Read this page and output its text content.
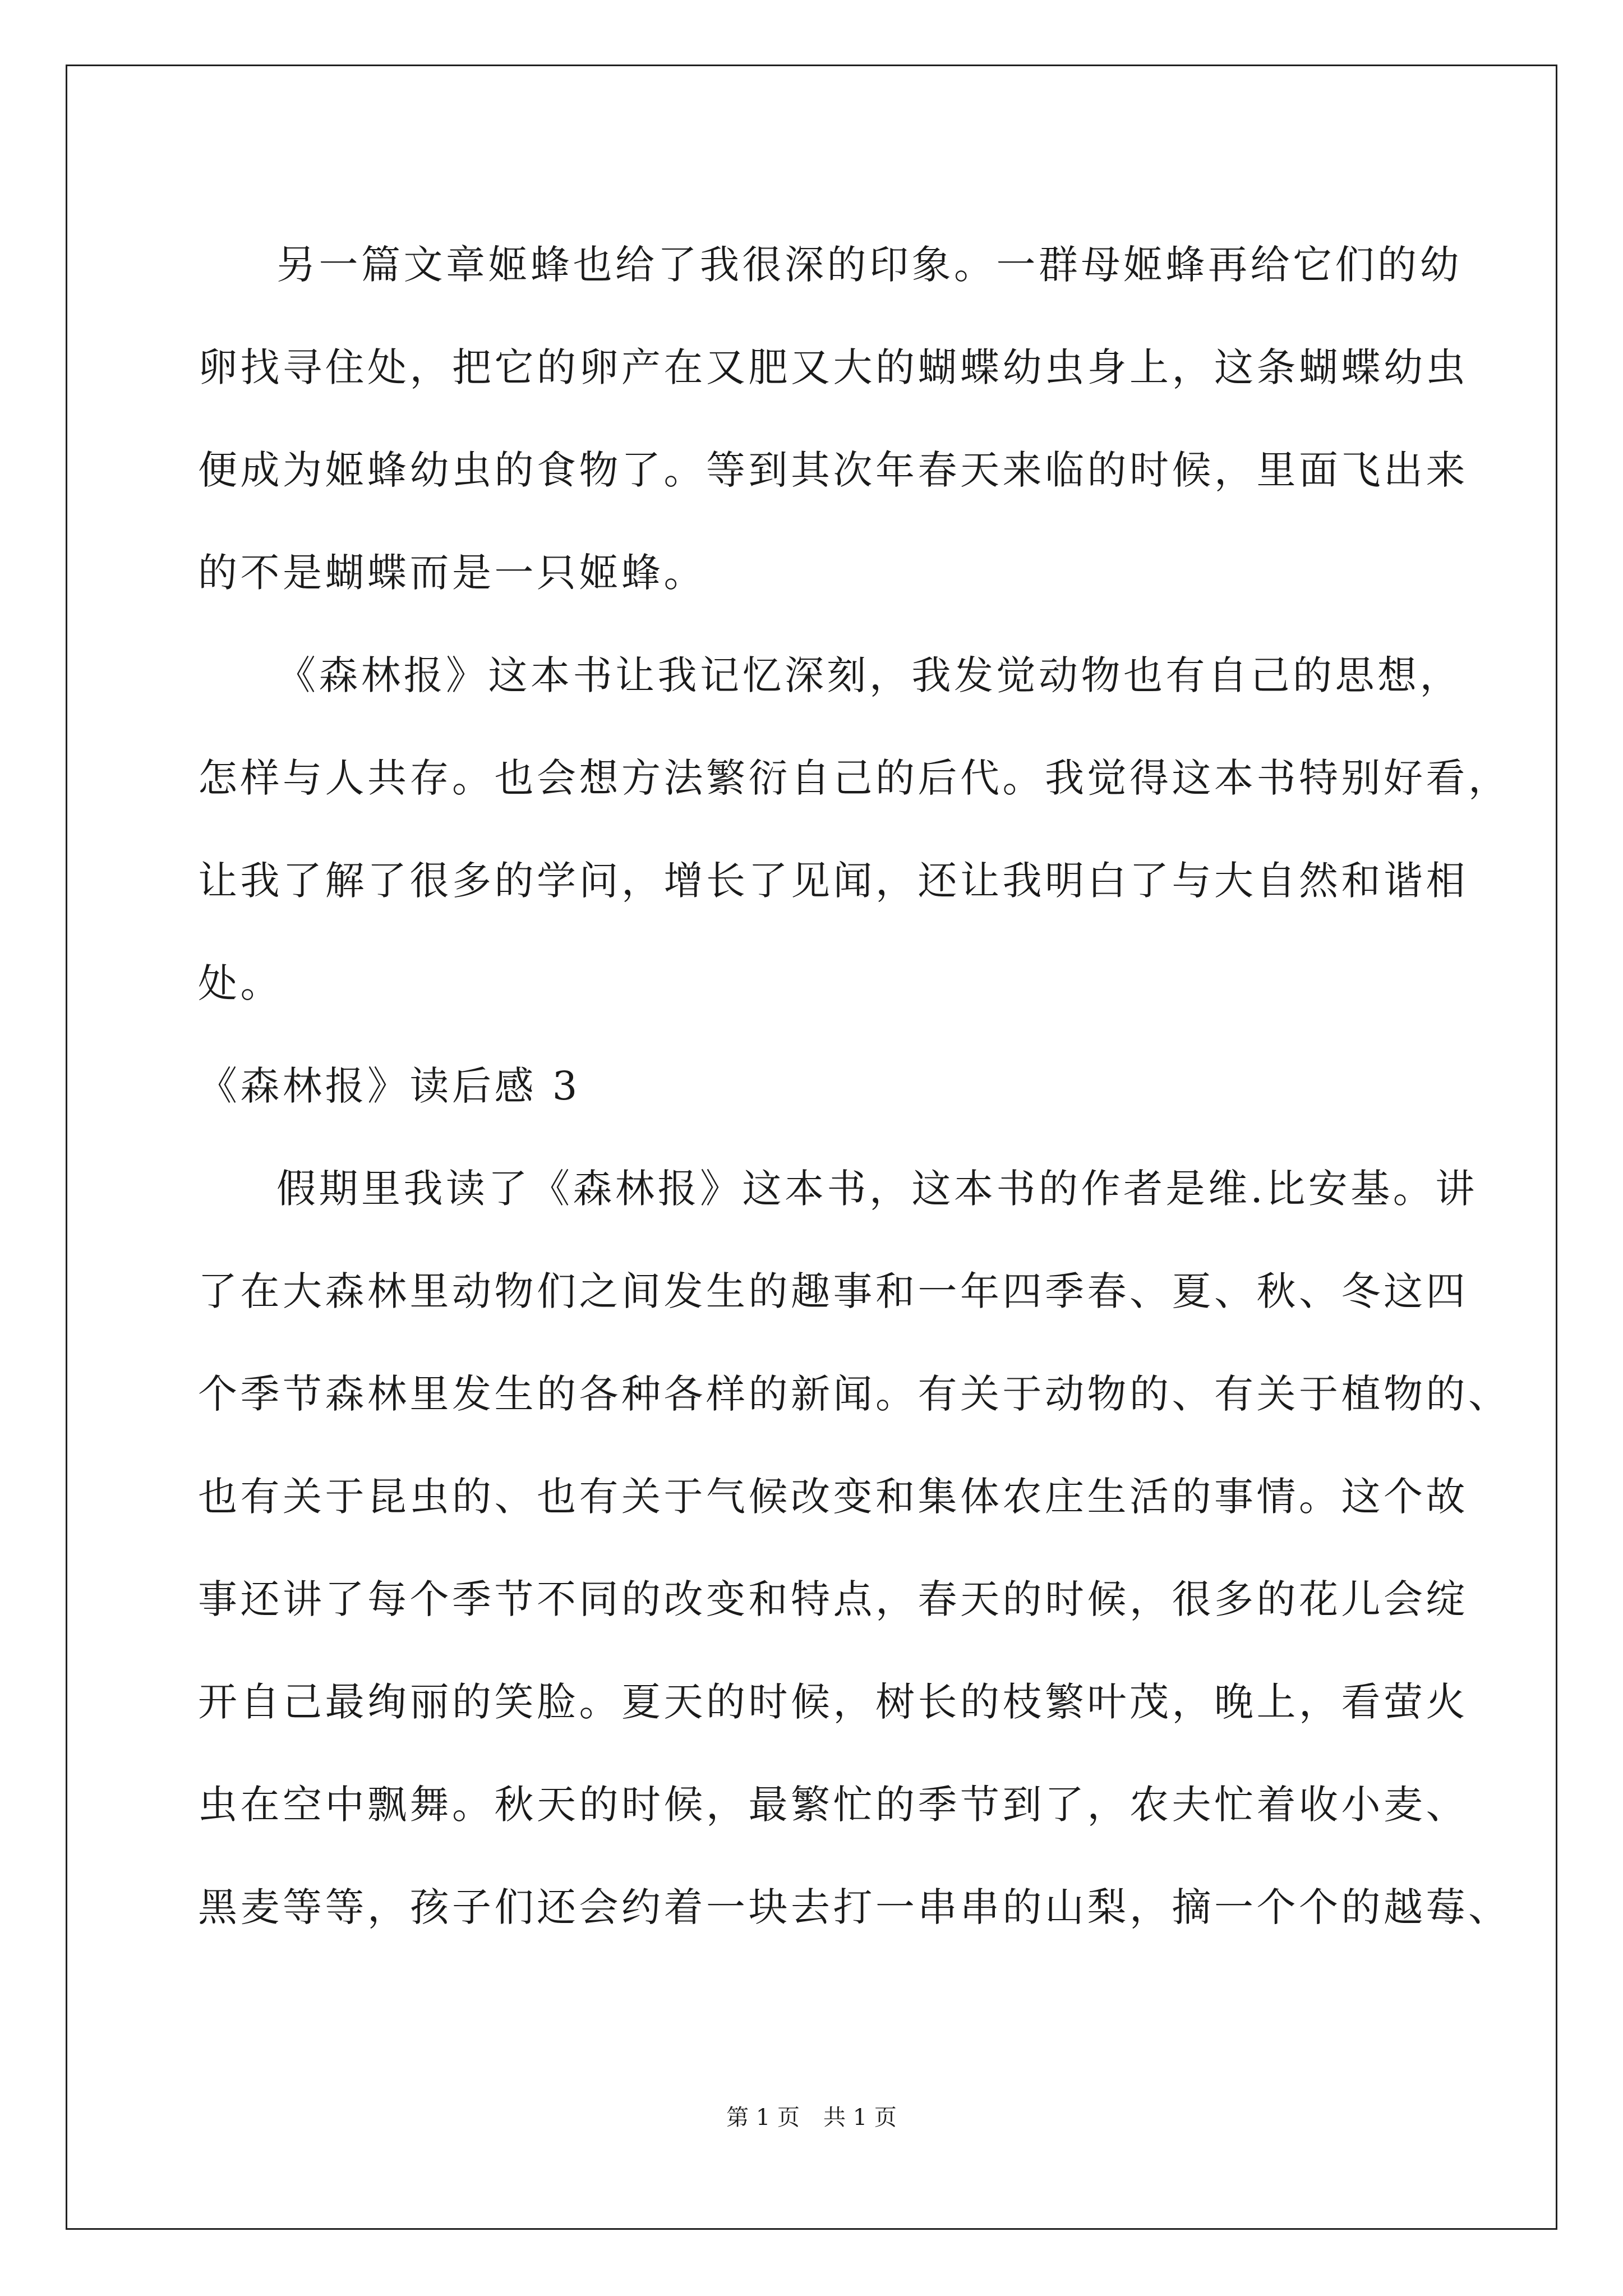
另一篇文章姬蜂也给了我很深的印象。一群母姬蜂再给它们的幼
卵找寻住处，把它的卵产在又肥又大的蝴蝶幼虫身上，这条蝴蝶幼虫
便成为姬蜂幼虫的食物了。等到其次年春天来临的时候，里面飞出来
的不是蝴蝶而是一只姬蜂。
《森林报》这本书让我记忆深刻，我发觉动物也有自己的思想，
怎样与人共存。也会想方法繁衍自己的后代。我觉得这本书特别好看，
让我了解了很多的学问，增长了见闻，还让我明白了与大自然和谐相
处。
《森林报》读后感 3
假期里我读了《森林报》这本书，这本书的作者是维.比安基。讲
了在大森林里动物们之间发生的趣事和一年四季春、夏、秋、冬这四
个季节森林里发生的各种各样的新闻。有关于动物的、有关于植物的、
也有关于昆虫的、也有关于气候改变和集体农庄生活的事情。这个故
事还讲了每个季节不同的改变和特点，春天的时候，很多的花儿会绽
开自己最绚丽的笑脸。夏天的时候，树长的枝繁叶茂，晚上，看萤火
虫在空中飘舞。秋天的时候，最繁忙的季节到了，农夫忙着收小麦、
黑麦等等，孩子们还会约着一块去打一串串的山梨，摘一个个的越莓、
第 1 页 共 1 页
